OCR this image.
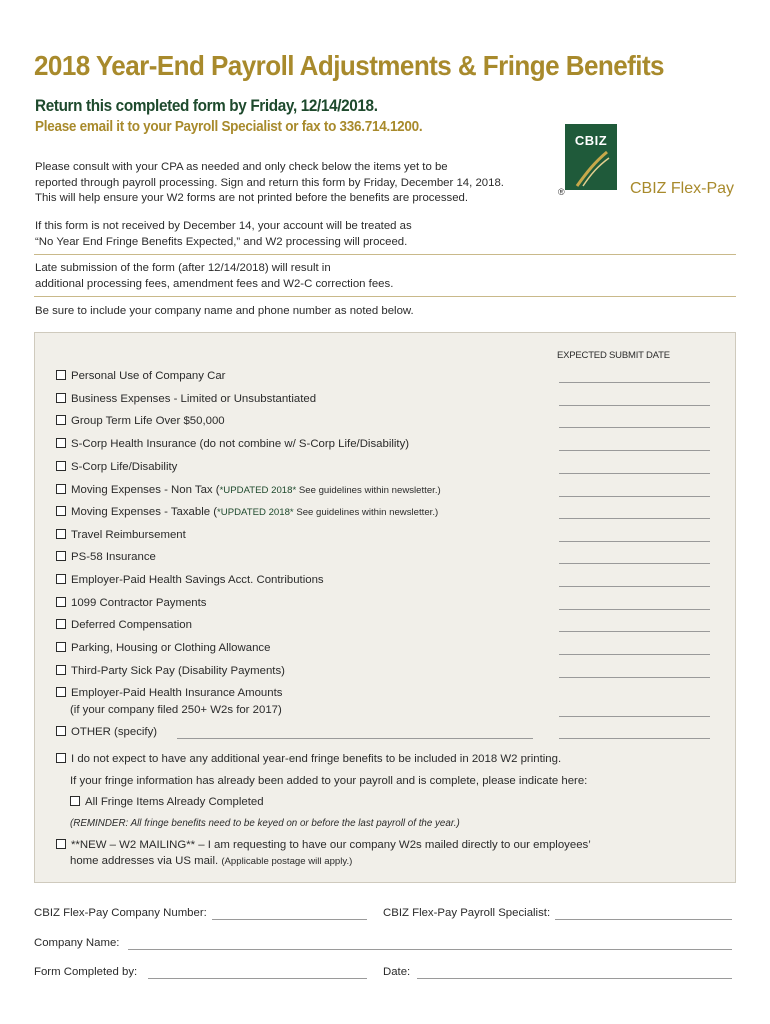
2018 Year-End Payroll Adjustments & Fringe Benefits
Return this completed form by Friday, 12/14/2018.
Please email it to your Payroll Specialist or fax to 336.714.1200.

Please consult with your CPA as needed and only check below the items yet to be

reported through payroll processing. Sign and return this form by Friday, December 14, 2018.

This will help ensure your W2 forms are not printed before the benefits are processed.

CBIZ
®	CBIZ Flex-Pay

If this form is not received by December 14, your account will be treated as

“No Year End Fringe Benefits Expected,” and W2 processing will proceed.

Late submission of the form (after 12/14/2018) will result in

additional processing fees, amendment fees and W2-C correction fees.

Be sure to include your company name and phone number as noted below.

EXPECTED SUBMIT DATE
Personal Use of Company Car
Business Expenses - Limited or Unsubstantiated
Group Term Life Over $50,000
S-Corp Health Insurance (do not combine w/ S-Corp Life/Disability)
S-Corp Life/Disability
Moving Expenses - Non Tax (*UPDATED 2018* See guidelines within newsletter.)
Moving Expenses - Taxable (*UPDATED 2018* See guidelines within newsletter.)
Travel Reimbursement
PS-58 Insurance
Employer-Paid Health Savings Acct. Contributions
1099 Contractor Payments
Deferred Compensation
Parking, Housing or Clothing Allowance
Third-Party Sick Pay (Disability Payments)
Employer-Paid Health Insurance Amounts
(if your company filed 250+ W2s for 2017)
OTHER (specify)
I do not expect to have any additional year-end fringe benefits to be included in 2018 W2 printing.
If your fringe information has already been added to your payroll and is complete, please indicate here:
All Fringe Items Already Completed
(REMINDER: All fringe benefits need to be keyed on or before the last payroll of the year.)
**NEW – W2 MAILING** – I am requesting to have our company W2s mailed directly to our employees’
home addresses via US mail. (Applicable postage will apply.)
CBIZ Flex-Pay Company Number:	CBIZ Flex-Pay Payroll Specialist:
Company Name:
Form Completed by:	Date:
